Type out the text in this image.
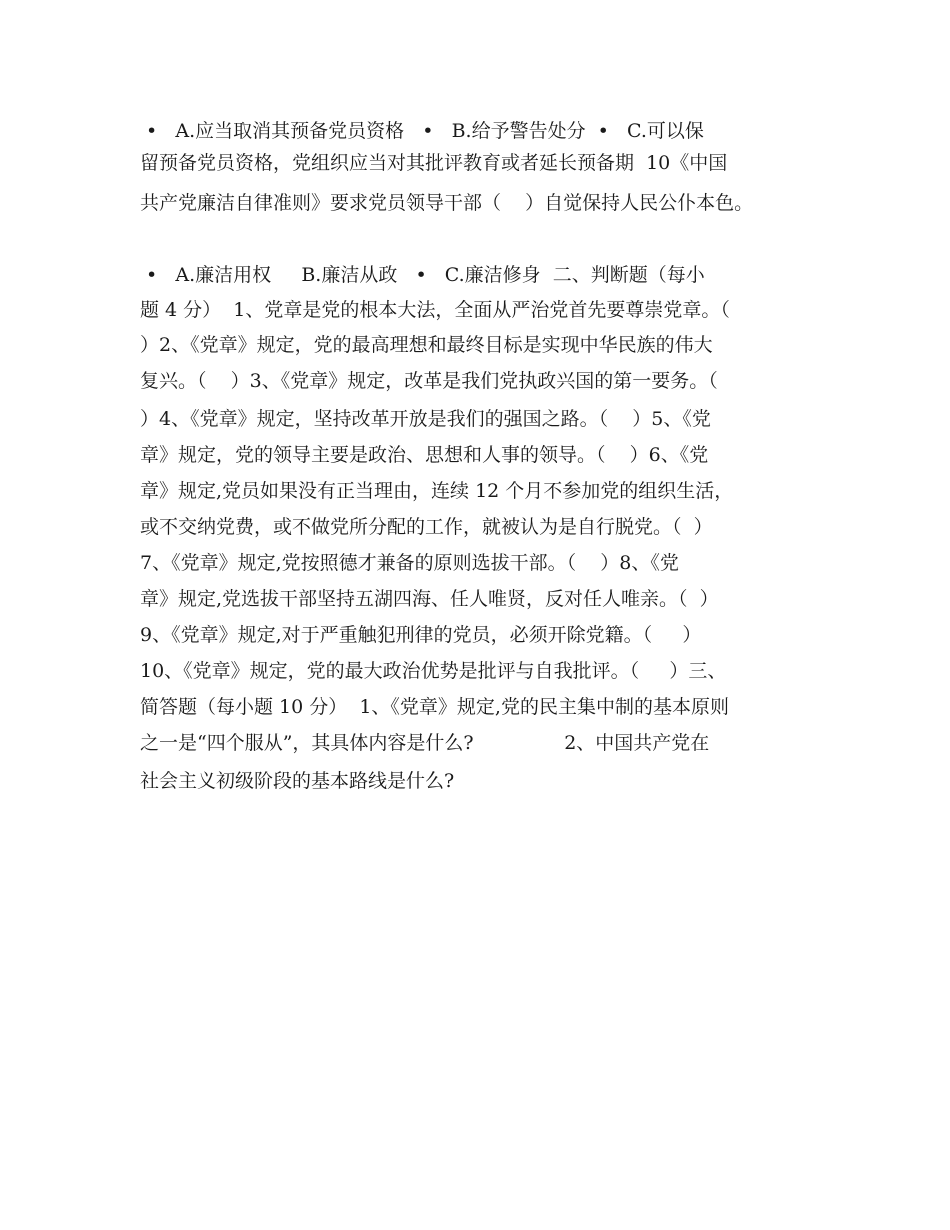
•   A.应当取消其预备党员资格   •   B.给予警告处分  •   C.可以保
留预备党员资格，党组织应当对其批评教育或者延长预备期  10《中国
共产党廉洁自律准则》要求党员领导干部（    ）自觉保持人民公仆本色。
•   A.廉洁用权     B.廉洁从政   •   C.廉洁修身  二、判断题（每小
题 4 分）  1、党章是党的根本大法，全面从严治党首先要尊崇党章。（
）2、《党章》规定，党的最高理想和最终目标是实现中华民族的伟大
复兴。（    ）3、《党章》规定，改革是我们党执政兴国的第一要务。（
）4、《党章》规定，坚持改革开放是我们的强国之路。（    ）5、《党
章》规定，党的领导主要是政治、思想和人事的领导。（    ）6、《党
章》规定,党员如果没有正当理由，连续 12 个月不参加党的组织生活，
或不交纳党费，或不做党所分配的工作，就被认为是自行脱党。（  ）
7、《党章》规定,党按照德才兼备的原则选拔干部。（    ）8、《党
章》规定,党选拔干部坚持五湖四海、任人唯贤，反对任人唯亲。（  ）
9、《党章》规定,对于严重触犯刑律的党员，必须开除党籍。（     ）
10、《党章》规定，党的最大政治优势是批评与自我批评。（     ）三、
简答题（每小题 10 分）  1、《党章》规定,党的民主集中制的基本原则
之一是“四个服从”，其具体内容是什么?               2、中国共产党在
社会主义初级阶段的基本路线是什么?
